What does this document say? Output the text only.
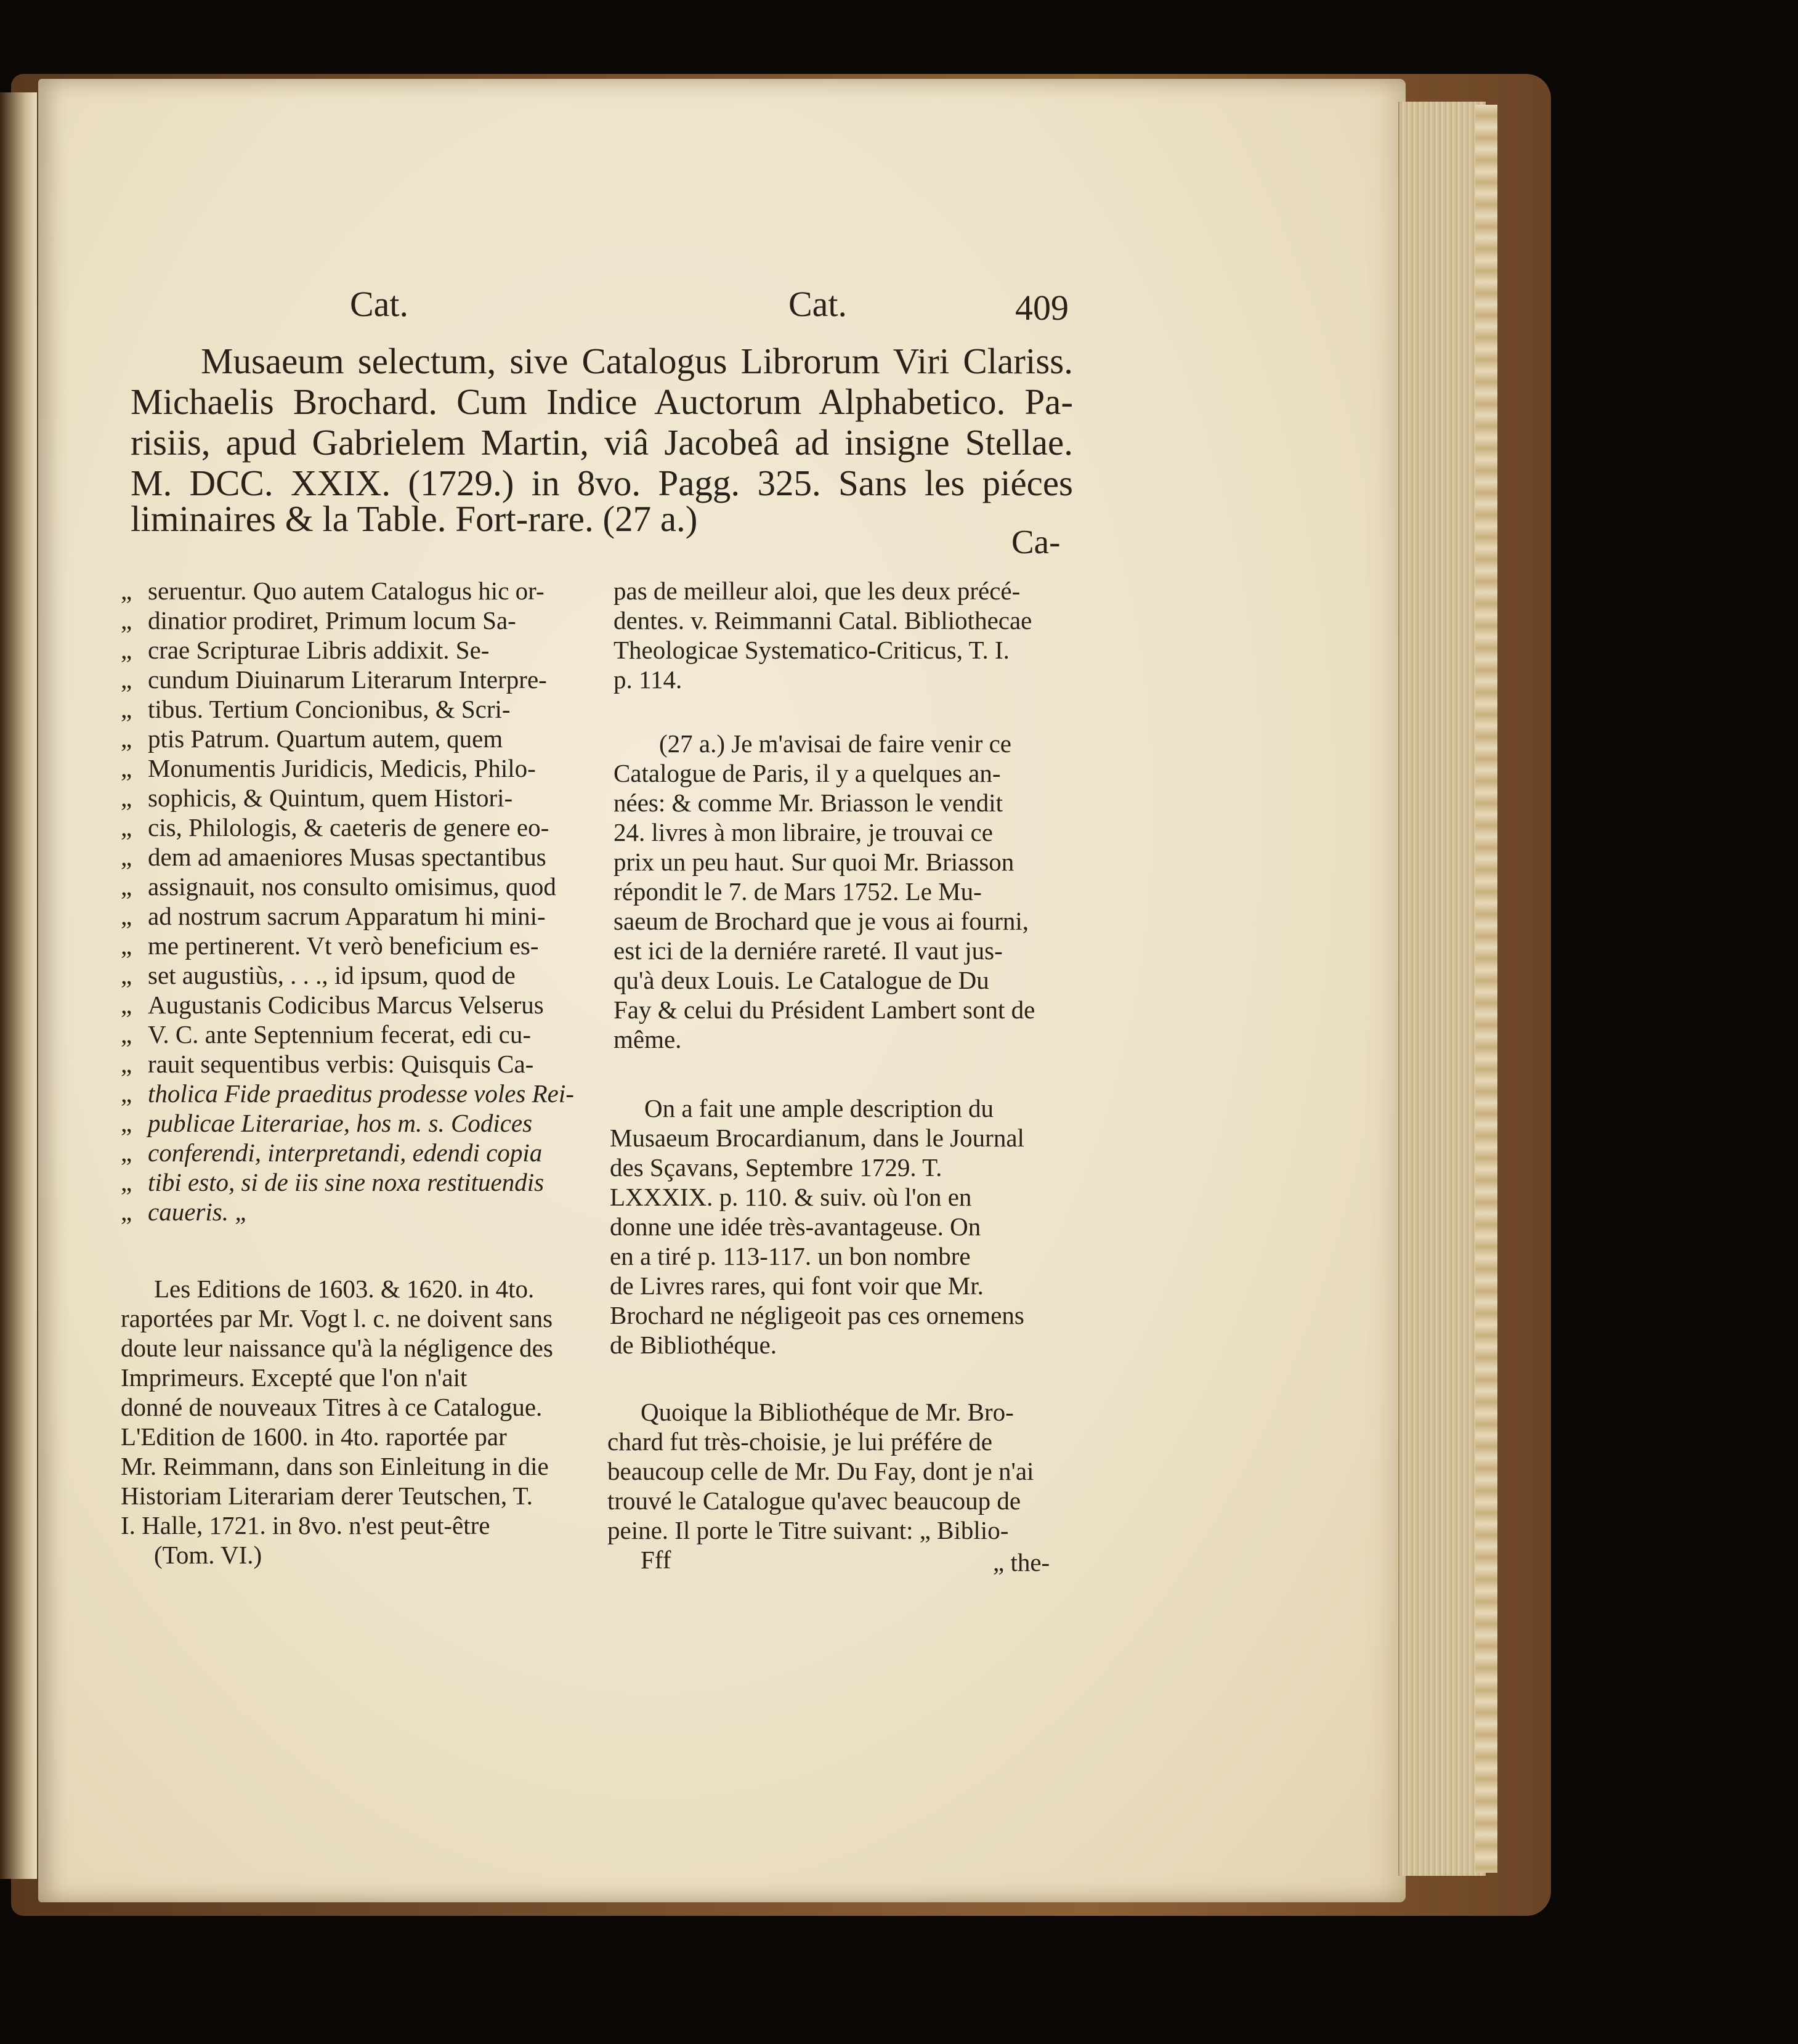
Cat.	Cat.	409
Musaeum selectum, sive Catalogus Librorum Viri Clariss.
Michaelis Brochard. Cum Indice Auctorum Alphabetico. Pa-
risiis, apud Gabrielem Martin, viâ Jacobeâ ad insigne Stellae.
M. DCC. XXIX. (1729.) in 8vo. Pagg. 325. Sans les piéces
liminaires & la Table. Fort-rare. (27 a.)
Ca-
„ seruentur. Quo autem Catalogus hic or-
„ dinatior prodiret, Primum locum Sa-
„ crae Scripturae Libris addixit. Se-
„ cundum Diuinarum Literarum Interpre-
„ tibus. Tertium Concionibus, & Scri-
„ ptis Patrum. Quartum autem, quem
„ Monumentis Juridicis, Medicis, Philo-
„ sophicis, & Quintum, quem Histori-
„ cis, Philologis, & caeteris de genere eo-
„ dem ad amaeniores Musas spectantibus
„ assignauit, nos consulto omisimus, quod
„ ad nostrum sacrum Apparatum hi mini-
„ me pertinerent. Vt verò beneficium es-
„ set augustiùs, . . ., id ipsum, quod de
„ Augustanis Codicibus Marcus Velserus
„ V. C. ante Septennium fecerat, edi cu-
„ rauit sequentibus verbis: Quisquis Ca-
„ tholica Fide praeditus prodesse voles Rei-
„ publicae Literariae, hos m. s. Codices
„ conferendi, interpretandi, edendi copia
„ tibi esto, si de iis sine noxa restituendis
„ caueris. „
Les Editions de 1603. & 1620. in 4to.
raportées par Mr. Vogt l. c. ne doivent sans
doute leur naissance qu'à la négligence des
Imprimeurs. Excepté que l'on n'ait
donné de nouveaux Titres à ce Catalogue.
L'Edition de 1600. in 4to. raportée par
Mr. Reimmann, dans son Einleitung in die
Historiam Literariam derer Teutschen, T.
I. Halle, 1721. in 8vo. n'est peut-être
(Tom. VI.)
pas de meilleur aloi, que les deux précé-
dentes. v. Reimmanni Catal. Bibliothecae
Theologicae Systematico-Criticus, T. I.
p. 114.
(27 a.) Je m'avisai de faire venir ce
Catalogue de Paris, il y a quelques an-
nées: & comme Mr. Briasson le vendit
24. livres à mon libraire, je trouvai ce
prix un peu haut. Sur quoi Mr. Briasson
répondit le 7. de Mars 1752. Le Mu-
saeum de Brochard que je vous ai fourni,
est ici de la derniére rareté. Il vaut jus-
qu'à deux Louis. Le Catalogue de Du
Fay & celui du Président Lambert sont de
même.
On a fait une ample description du
Musaeum Brocardianum, dans le Journal
des Sçavans, Septembre 1729. T.
LXXXIX. p. 110. & suiv. où l'on en
donne une idée très-avantageuse. On
en a tiré p. 113-117. un bon nombre
de Livres rares, qui font voir que Mr.
Brochard ne négligeoit pas ces ornemens
de Bibliothéque.
Quoique la Bibliothéque de Mr. Bro-
chard fut très-choisie, je lui préfére de
beaucoup celle de Mr. Du Fay, dont je n'ai
trouvé le Catalogue qu'avec beaucoup de
peine. Il porte le Titre suivant: „ Biblio-
Fff	„ the-
